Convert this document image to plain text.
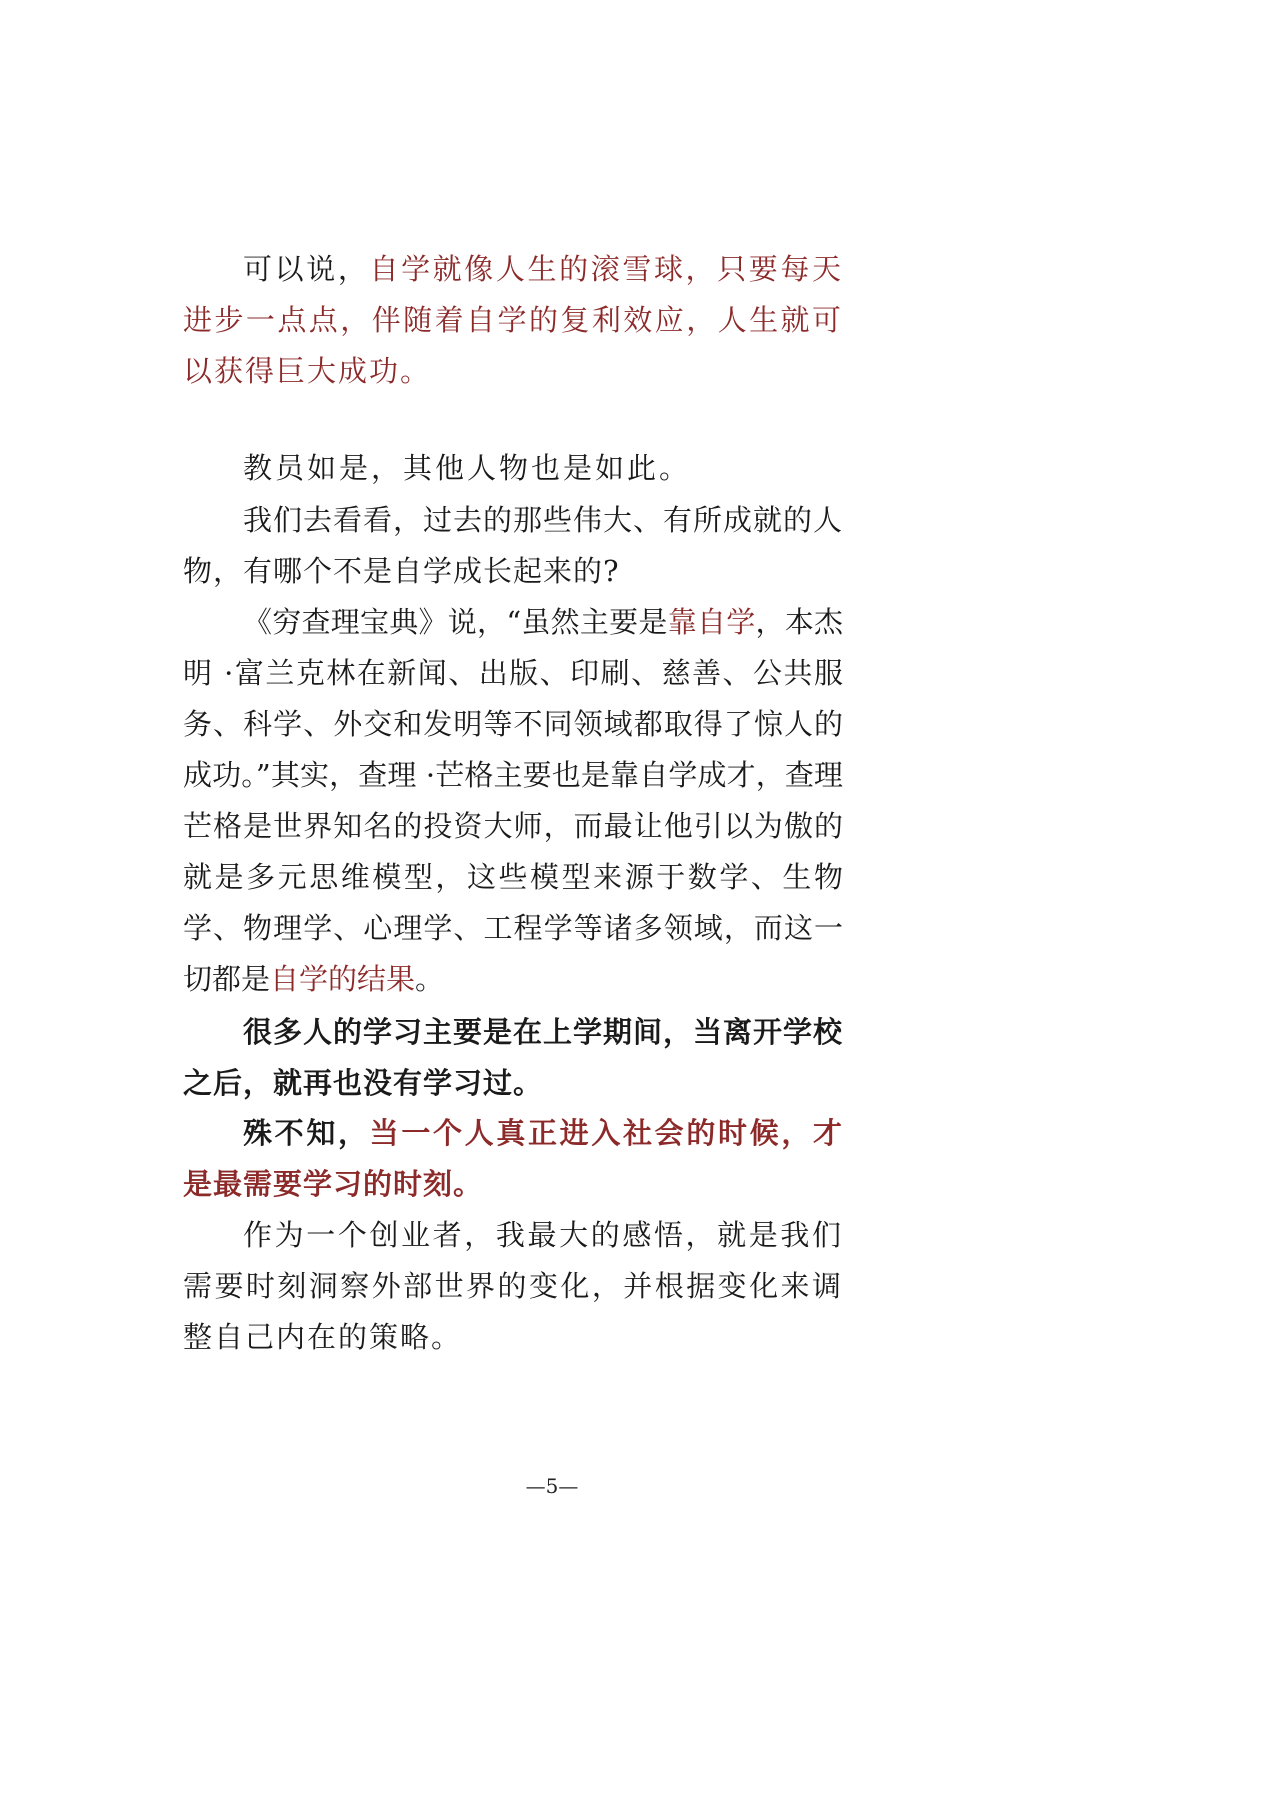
可以说，自学就像人生的滚雪球，只要每天进步一点点，伴随着自学的复利效应，人生就可以获得巨大成功。

教员如是，其他人物也是如此。

我们去看看，过去的那些伟大、有所成就的人物，有哪个不是自学成长起来的?

《穷查理宝典》说，“虽然主要是靠自学，本杰明 ·富兰克林在新闻、出版、印刷、慈善、公共服务、科学、外交和发明等不同领域都取得了惊人的成功。”其实，查理 ·芒格主要也是靠自学成才，查理芒格是世界知名的投资大师，而最让他引以为傲的就是多元思维模型，这些模型来源于数学、生物学、物理学、心理学、工程学等诸多领域，而这一切都是自学的结果。

很多人的学习主要是在上学期间，当离开学校之后，就再也没有学习过。

殊不知，当一个人真正进入社会的时候，才是最需要学习的时刻。

作为一个创业者，我最大的感悟，就是我们需要时刻洞察外部世界的变化，并根据变化来调整自己内在的策略。

—5—
